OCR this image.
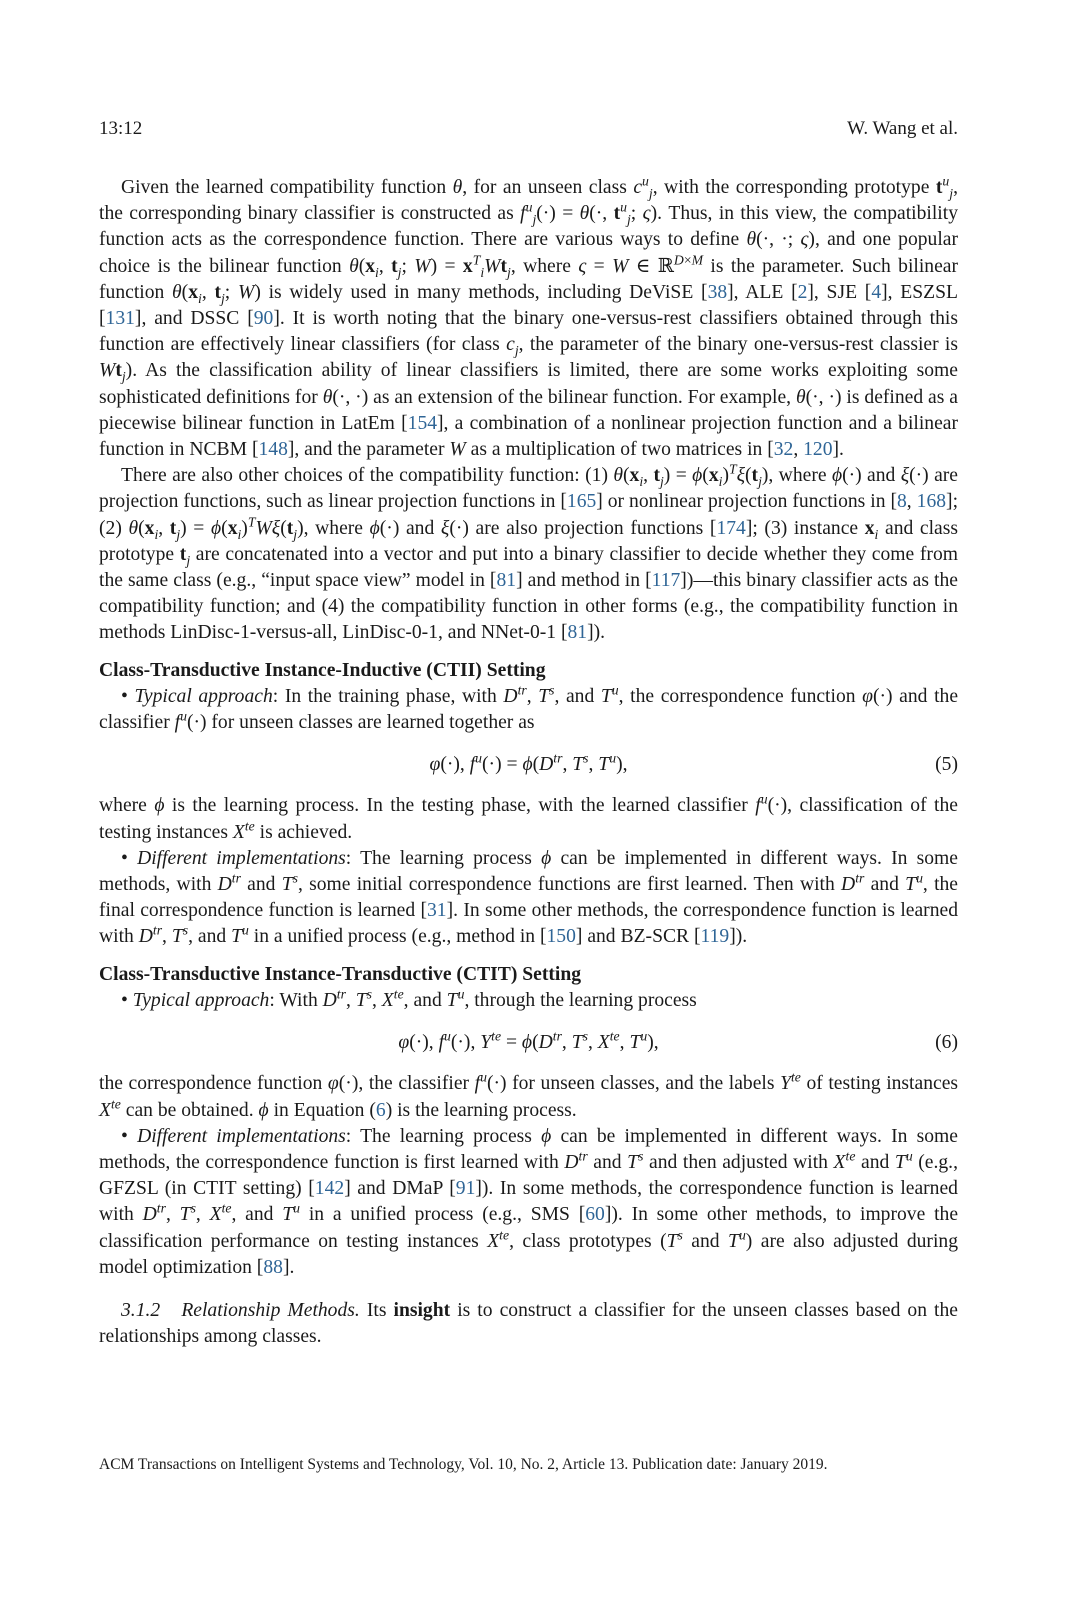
13:12	W. Wang et al.

Given the learned compatibility function θ, for an unseen class $c^u_j$, with the corresponding prototype $t^u_j$, the corresponding binary classifier is constructed as $f^u_j(\cdot) = \theta(\cdot$, $t^u_j$; ς). Thus, in this view, the compatibility function acts as the correspondence function. There are various ways to define θ(·, ·; ς), and one popular choice is the bilinear function $\theta(x_i$, $t_j$; $W) = x^T_iWt_j$, where ς = W ∈ ℝ$^{D\times M}$ is the parameter. Such bilinear function $\theta(x_i$, $t_j$; W) is widely used in many methods, including DeViSE [38], ALE [2], SJE [4], ESZSL [131], and DSSC [90]. It is worth noting that the binary one-versus-rest classifiers obtained through this function are effectively linear classifiers (for class $c_j$, the parameter of the binary one-versus-rest classier is $Wt_j$). As the classification ability of linear classifiers is limited, there are some works exploiting some sophisticated definitions for θ(·, ·) as an extension of the bilinear function. For example, θ(·, ·) is defined as a piecewise bilinear function in LatEm [154], a combination of a nonlinear projection function and a bilinear function in NCBM [148], and the parameter W as a multiplication of two matrices in [32, 120].

There are also other choices of the compatibility function: (1) $\theta(x_i$, $t_j) = \phi(x_i)^T\xi(t_j)$, where ϕ(·) and ξ(·) are projection functions, such as linear projection functions in [165] or nonlinear projection functions in [8, 168]; (2) $\theta(x_i$, $t_j) = \phi(x_i)^TW\xi(t_j)$, where ϕ(·) and ξ(·) are also projection functions [174]; (3) instance $x_i$ and class prototype $t_j$ are concatenated into a vector and put into a binary classifier to decide whether they come from the same class (e.g., “input space view” model in [81] and method in [117])—this binary classifier acts as the compatibility function; and (4) the compatibility function in other forms (e.g., the compatibility function in methods LinDisc-1-versus-all, LinDisc-0-1, and NNet-0-1 [81]).

Class-Transductive Instance-Inductive (CTII) Setting

• Typical approach: In the training phase, with $D^{tr}$, $T^s$, and $T^u$, the correspondence function φ(·) and the classifier $f^u(\cdot)$ for unseen classes are learned together as

φ(·), $f^u(\cdot) = \phi(D^{tr}$, $T^s$, $T^u$),	(5)

where ϕ is the learning process. In the testing phase, with the learned classifier $f^u(\cdot)$, classification of the testing instances $X^{te}$ is achieved.

• Different implementations: The learning process ϕ can be implemented in different ways. In some methods, with $D^{tr}$ and $T^s$, some initial correspondence functions are first learned. Then with $D^{tr}$ and $T^u$, the final correspondence function is learned [31]. In some other methods, the correspondence function is learned with $D^{tr}$, $T^s$, and $T^u$ in a unified process (e.g., method in [150] and BZ-SCR [119]).

Class-Transductive Instance-Transductive (CTIT) Setting

• Typical approach: With $D^{tr}$, $T^s$, $X^{te}$, and $T^u$, through the learning process

φ(·), $f^u(\cdot)$, $Y^{te} = \phi(D^{tr}$, $T^s$, $X^{te}$, $T^u$),	(6)

the correspondence function φ(·), the classifier $f^u(\cdot)$ for unseen classes, and the labels $Y^{te}$ of testing instances $X^{te}$ can be obtained. ϕ in Equation (6) is the learning process.

• Different implementations: The learning process ϕ can be implemented in different ways. In some methods, the correspondence function is first learned with $D^{tr}$ and $T^s$ and then adjusted with $X^{te}$ and $T^u$ (e.g., GFZSL (in CTIT setting) [142] and DMaP [91]). In some methods, the correspondence function is learned with $D^{tr}$, $T^s$, $X^{te}$, and $T^u$ in a unified process (e.g., SMS [60]). In some other methods, to improve the classification performance on testing instances $X^{te}$, class prototypes ($T^s$ and $T^u$) are also adjusted during model optimization [88].

3.1.2   Relationship Methods. Its insight is to construct a classifier for the unseen classes based on the relationships among classes.

ACM Transactions on Intelligent Systems and Technology, Vol. 10, No. 2, Article 13. Publication date: January 2019.
